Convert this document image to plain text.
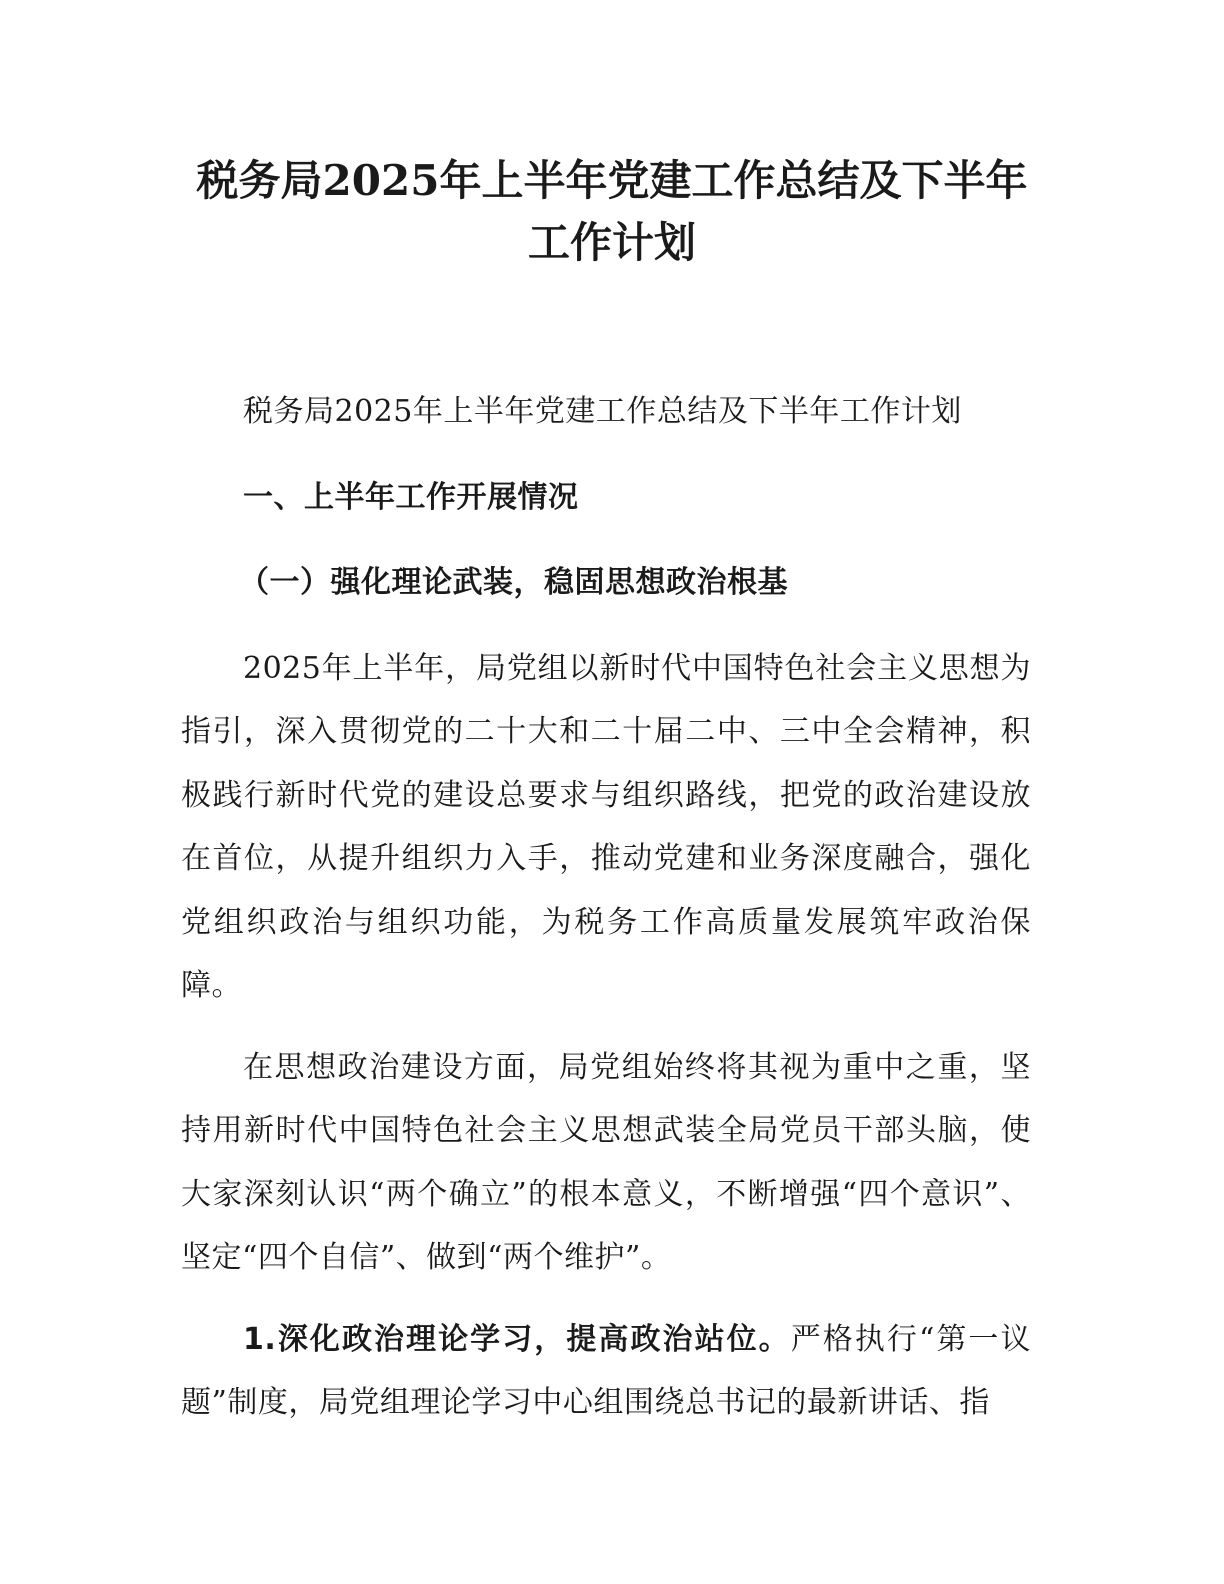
税务局2025年上半年党建工作总结及下半年
工作计划

税务局2025年上半年党建工作总结及下半年工作计划

一、上半年工作开展情况

（一）强化理论武装，稳固思想政治根基

2025年上半年，局党组以新时代中国特色社会主义思想为指引，深入贯彻党的二十大和二十届二中、三中全会精神，积极践行新时代党的建设总要求与组织路线，把党的政治建设放在首位，从提升组织力入手，推动党建和业务深度融合，强化党组织政治与组织功能，为税务工作高质量发展筑牢政治保障。

在思想政治建设方面，局党组始终将其视为重中之重，坚持用新时代中国特色社会主义思想武装全局党员干部头脑，使大家深刻认识“两个确立”的根本意义，不断增强“四个意识”、坚定“四个自信”、做到“两个维护”。

1.深化政治理论学习，提高政治站位。严格执行“第一议题”制度，局党组理论学习中心组围绕总书记的最新讲话、指
